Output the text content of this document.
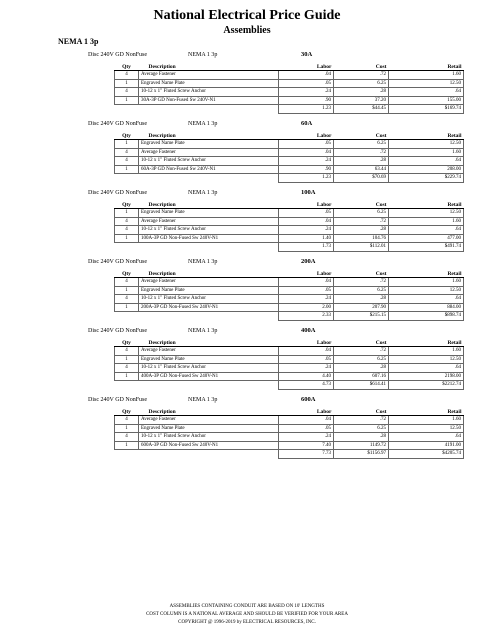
National Electrical Price Guide
Assemblies
NEMA 1 3p
Disc 240V GD NonFuse	NEMA 1 3p	30A
Qty	Description	Labor	Cost	Retail
4	Average Fastener	.04	.72	1.60
1	Engraved Name Plate	.05	6.25	12.50
4	10-12 x 1" Fluted Screw Anchor	.24	.28	.64
1	30A-3P GD Non-Fused Sw 240V-N1	.90	37.20	155.00
		1.23	$44.45	$169.74
Disc 240V GD NonFuse	NEMA 1 3p	60A
Qty	Description	Labor	Cost	Retail
1	Engraved Name Plate	.05	6.25	12.50
4	Average Fastener	.04	.72	1.60
4	10-12 x 1" Fluted Screw Anchor	.24	.28	.64
1	60A-3P GD Non-Fused Sw 240V-N1	.90	63.44	208.00
		1.23	$70.69	$229.74
Disc 240V GD NonFuse	NEMA 1 3p	100A
Qty	Description	Labor	Cost	Retail
1	Engraved Name Plate	.05	6.25	12.50
4	Average Fastener	.04	.72	1.60
4	10-12 x 1" Fluted Screw Anchor	.24	.28	.64
1	100A-3P GD Non-Fused Sw 240V-N1	1.40	104.76	477.00
		1.73	$112.01	$491.74
Disc 240V GD NonFuse	NEMA 1 3p	200A
Qty	Description	Labor	Cost	Retail
4	Average Fastener	.04	.72	1.60
1	Engraved Name Plate	.05	6.25	12.50
4	10-12 x 1" Fluted Screw Anchor	.24	.28	.64
1	200A-3P GD Non-Fused Sw 240V-N1	2.00	207.90	884.00
		2.33	$215.15	$898.74
Disc 240V GD NonFuse	NEMA 1 3p	400A
Qty	Description	Labor	Cost	Retail
4	Average Fastener	.04	.72	1.60
1	Engraved Name Plate	.05	6.25	12.50
4	10-12 x 1" Fluted Screw Anchor	.24	.28	.64
1	400A-3P GD Non-Fused Sw 240V-N1	4.40	607.16	2198.00
		4.73	$614.41	$2212.74
Disc 240V GD NonFuse	NEMA 1 3p	600A
Qty	Description	Labor	Cost	Retail
4	Average Fastener	.04	.72	1.60
1	Engraved Name Plate	.05	6.25	12.50
4	10-12 x 1" Fluted Screw Anchor	.24	.28	.64
1	600A-3P GD Non-Fused Sw 240V-N1	7.40	1149.72	4191.00
		7.73	$1156.97	$4205.74
ASSEMBLIES CONTAINING CONDUIT ARE BASED ON 10' LENGTHS
COST COLUMN IS A NATIONAL AVERAGE AND SHOULD BE VERIFIED FOR YOUR AREA
COPYRIGHT @ 1996-2019 by ELECTRICAL RESOURCES, INC.
